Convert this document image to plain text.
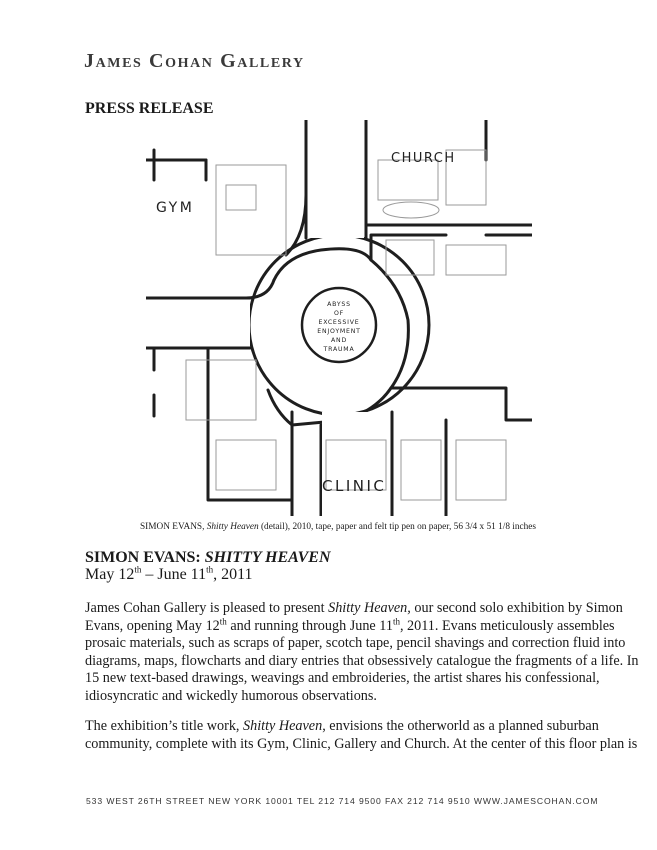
James Cohan Gallery
PRESS RELEASE
CHURCH
GYM
CLINIC
ABYSS
OF
EXCESSIVE
ENJOYMENT
AND
TRAUMA
SIMON EVANS, Shitty Heaven (detail), 2010, tape, paper and felt tip pen on paper, 56 3/4 x 51 1/8 inches
SIMON EVANS: SHITTY HEAVEN

May 12th – June 11th, 2011

James Cohan Gallery is pleased to present Shitty Heaven, our second solo exhibition by Simon
Evans, opening May 12th and running through June 11th, 2011. Evans meticulously assembles
prosaic materials, such as scraps of paper, scotch tape, pencil shavings and correction fluid into
diagrams, maps, flowcharts and diary entries that obsessively catalogue the fragments of a life. In
15 new text-based drawings, weavings and embroideries, the artist shares his confessional,
idiosyncratic and wickedly humorous observations.
The exhibition’s title work, Shitty Heaven, envisions the otherworld as a planned suburban
community, complete with its Gym, Clinic, Gallery and Church. At the center of this floor plan is
533 WEST 26TH STREET NEW YORK 10001 TEL 212 714 9500 FAX 212 714 9510 WWW.JAMESCOHAN.COM
